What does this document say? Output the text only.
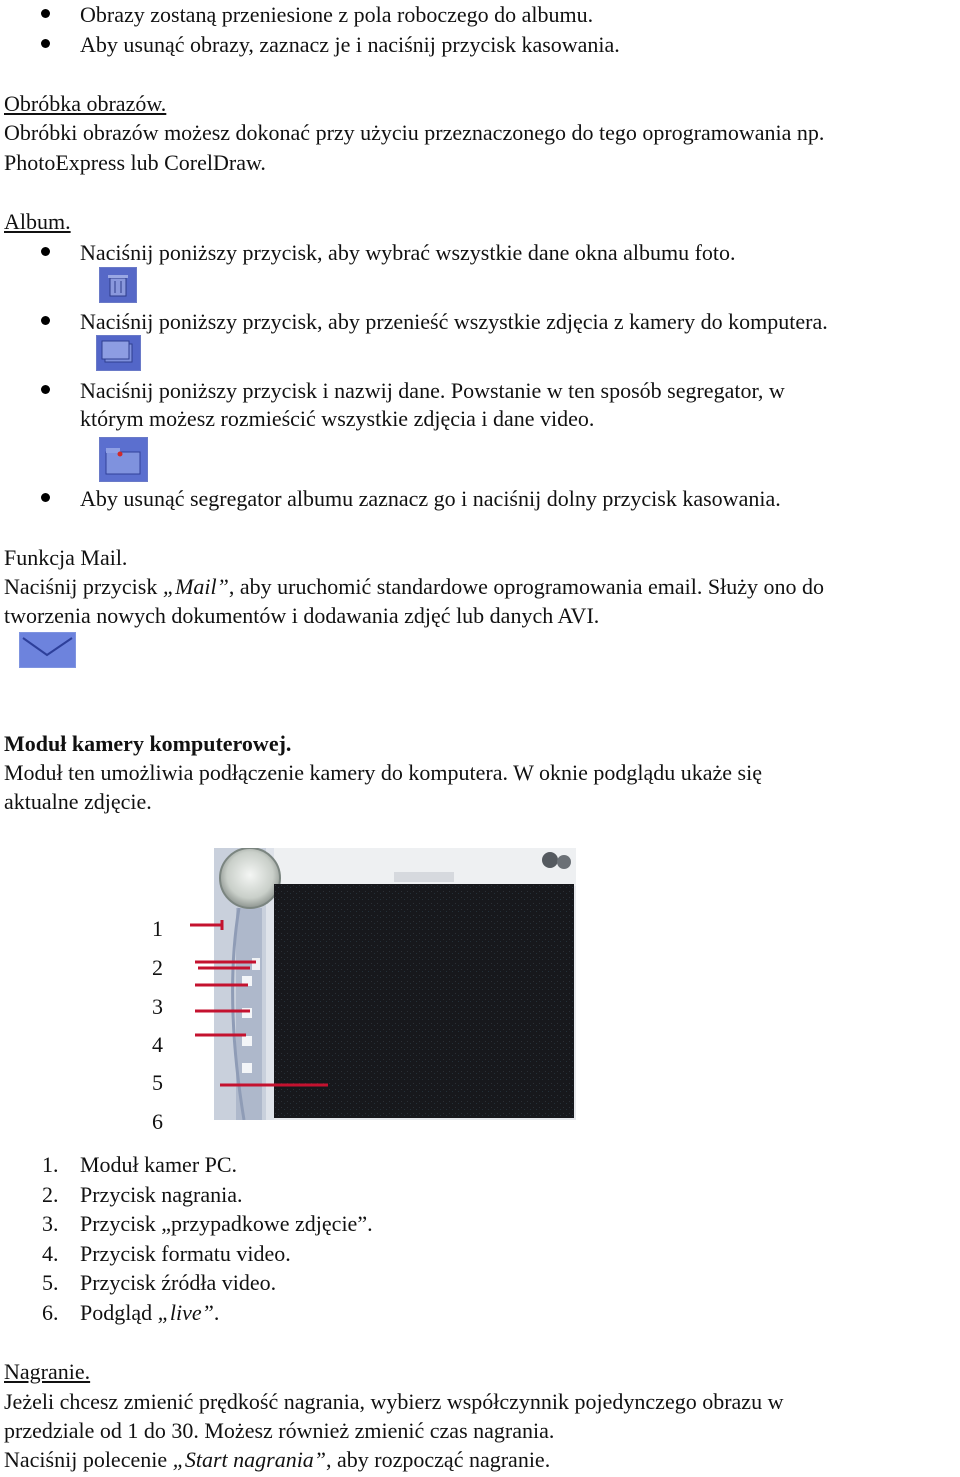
Obrazy zostaną przeniesione z pola roboczego do albumu.
Aby usunąć obrazy, zaznacz je i naciśnij przycisk kasowania.
Obróbka obrazów.
Obróbki obrazów możesz dokonać przy użyciu przeznaczonego do tego oprogramowania np.
PhotoExpress lub CorelDraw.
Album.
Naciśnij poniższy przycisk, aby wybrać wszystkie dane okna albumu foto.
Naciśnij poniższy przycisk, aby przenieść wszystkie zdjęcia z kamery do komputera.
Naciśnij poniższy przycisk i nazwij dane. Powstanie w ten sposób segregator, w
którym możesz rozmieścić wszystkie zdjęcia i dane video.
Aby usunąć segregator albumu zaznacz go i naciśnij dolny przycisk kasowania.
Funkcja Mail.
Naciśnij przycisk „Mail”, aby uruchomić standardowe oprogramowania email. Służy ono do
tworzenia nowych dokumentów i dodawania zdjęć lub danych AVI.
Moduł kamery komputerowej.
Moduł ten umożliwia podłączenie kamery do komputera. W oknie podglądu ukaże się
aktualne zdjęcie.
1
2
3
4
5
6
1. Moduł kamer PC.
2. Przycisk nagrania.
3. Przycisk „przypadkowe zdjęcie”.
4. Przycisk formatu video.
5. Przycisk źródła video.
6. Podgląd „live”.
Nagranie.
Jeżeli chcesz zmienić prędkość nagrania, wybierz współczynnik pojedynczego obrazu w
przedziale od 1 do 30. Możesz również zmienić czas nagrania.
Naciśnij polecenie „Start nagrania”, aby rozpocząć nagranie.
